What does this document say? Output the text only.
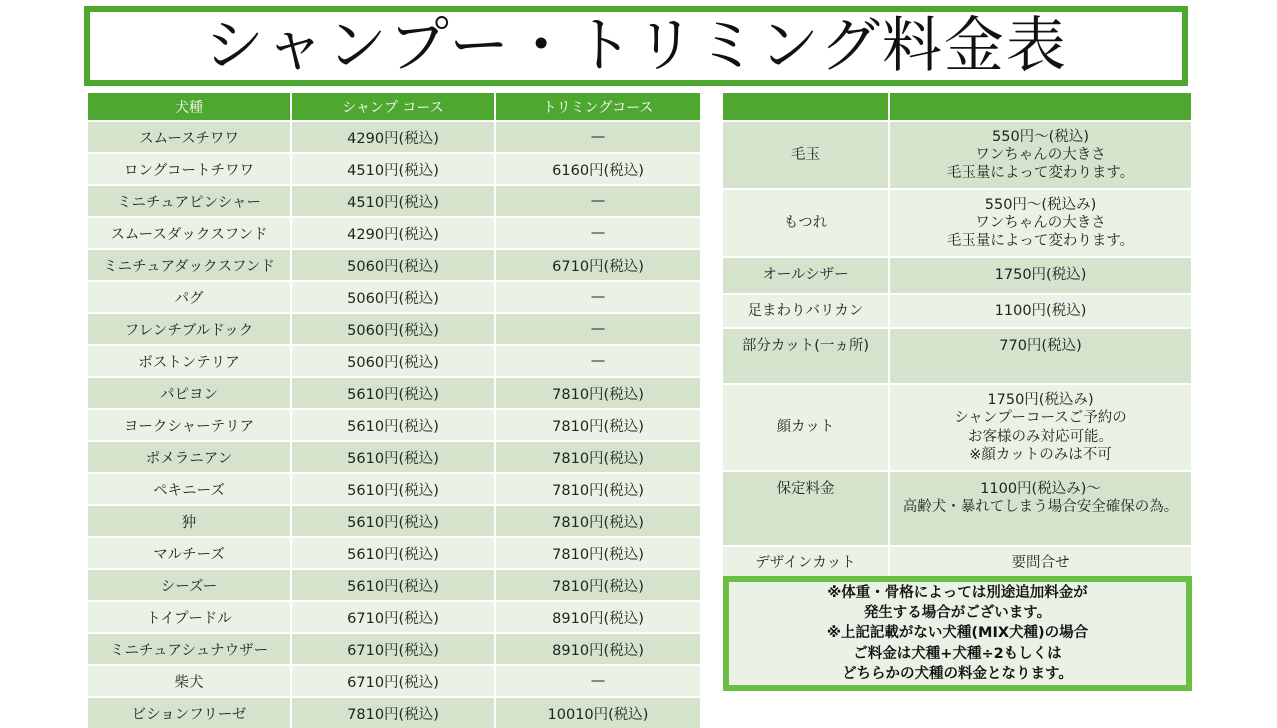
シャンプー・トリミング料金表
犬種	シャンプ コース	トリミングコース
スムースチワワ	4290円(税込)	—
ロングコートチワワ	4510円(税込)	6160円(税込)
ミニチュアピンシャー	4510円(税込)	—
スムースダックスフンド	4290円(税込)	—
ミニチュアダックスフンド	5060円(税込)	6710円(税込)
パグ	5060円(税込)	—
フレンチブルドック	5060円(税込)	—
ボストンテリア	5060円(税込)	—
パピヨン	5610円(税込)	7810円(税込)
ヨークシャーテリア	5610円(税込)	7810円(税込)
ポメラニアン	5610円(税込)	7810円(税込)
ペキニーズ	5610円(税込)	7810円(税込)
狆	5610円(税込)	7810円(税込)
マルチーズ	5610円(税込)	7810円(税込)
シーズー	5610円(税込)	7810円(税込)
トイプードル	6710円(税込)	8910円(税込)
ミニチュアシュナウザー	6710円(税込)	8910円(税込)
柴犬	6710円(税込)	—
ビションフリーゼ	7810円(税込)	10010円(税込)

毛玉	550円～(税込)
ワンちゃんの大きさ
毛玉量によって変わります。
もつれ	550円～(税込み)
ワンちゃんの大きさ
毛玉量によって変わります。
オールシザー	1750円(税込)
足まわりバリカン	1100円(税込)
部分カット(一ヵ所)	770円(税込)
顔カット	1750円(税込み)
シャンプーコースご予約の
お客様のみ対応可能。
※顔カットのみは不可
保定料金	1100円(税込み)～
高齢犬・暴れてしまう場合安全確保の為。
デザインカット	要問合せ

※体重・骨格によっては別途追加料金が
発生する場合がございます。
※上記記載がない犬種(MIX犬種)の場合
ご料金は犬種+犬種÷2もしくは
どちらかの犬種の料金となります。
